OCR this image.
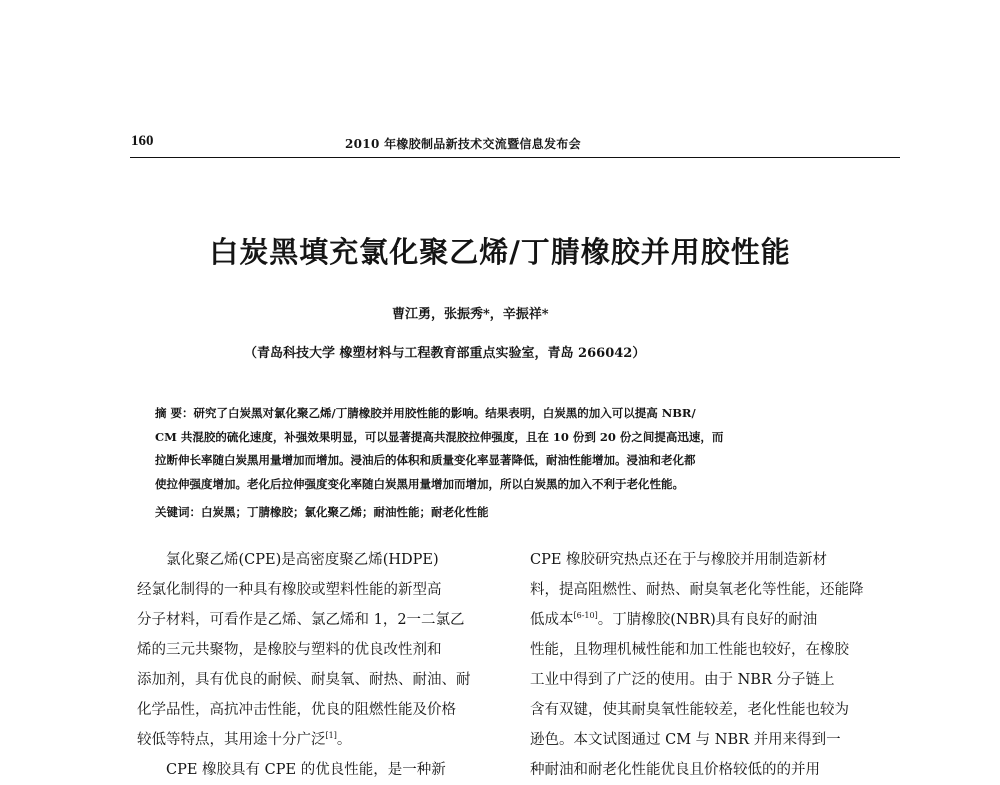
160	2010 年橡胶制品新技术交流暨信息发布会
白炭黑填充氯化聚乙烯/丁腈橡胶并用胶性能
曹江勇，张振秀*，辛振祥*
（青岛科技大学 橡塑材料与工程教育部重点实验室，青岛 266042）
摘 要：研究了白炭黑对氯化聚乙烯/丁腈橡胶并用胶性能的影响。结果表明，白炭黑的加入可以提高 NBR/
CM 共混胶的硫化速度，补强效果明显，可以显著提高共混胶拉伸强度，且在 10 份到 20 份之间提高迅速，而
拉断伸长率随白炭黑用量增加而增加。浸油后的体积和质量变化率显著降低，耐油性能增加。浸油和老化都
使拉伸强度增加。老化后拉伸强度变化率随白炭黑用量增加而增加，所以白炭黑的加入不利于老化性能。
关键词：白炭黑；丁腈橡胶；氯化聚乙烯；耐油性能；耐老化性能
氯化聚乙烯(CPE)是高密度聚乙烯(HDPE)
经氯化制得的一种具有橡胶或塑料性能的新型高
分子材料，可看作是乙烯、氯乙烯和 1，2一二氯乙
烯的三元共聚物，是橡胶与塑料的优良改性剂和
添加剂，具有优良的耐候、耐臭氧、耐热、耐油、耐
化学品性，高抗冲击性能，优良的阻燃性能及价格
较低等特点，其用途十分广泛[1]。
CPE 橡胶具有 CPE 的优良性能，是一种新
CPE 橡胶研究热点还在于与橡胶并用制造新材
料，提高阻燃性、耐热、耐臭氧老化等性能，还能降
低成本[6-10]。丁腈橡胶(NBR)具有良好的耐油
性能，且物理机械性能和加工性能也较好，在橡胶
工业中得到了广泛的使用。由于 NBR 分子链上
含有双键，使其耐臭氧性能较差，老化性能也较为
逊色。本文试图通过 CM 与 NBR 并用来得到一
种耐油和耐老化性能优良且价格较低的的并用
